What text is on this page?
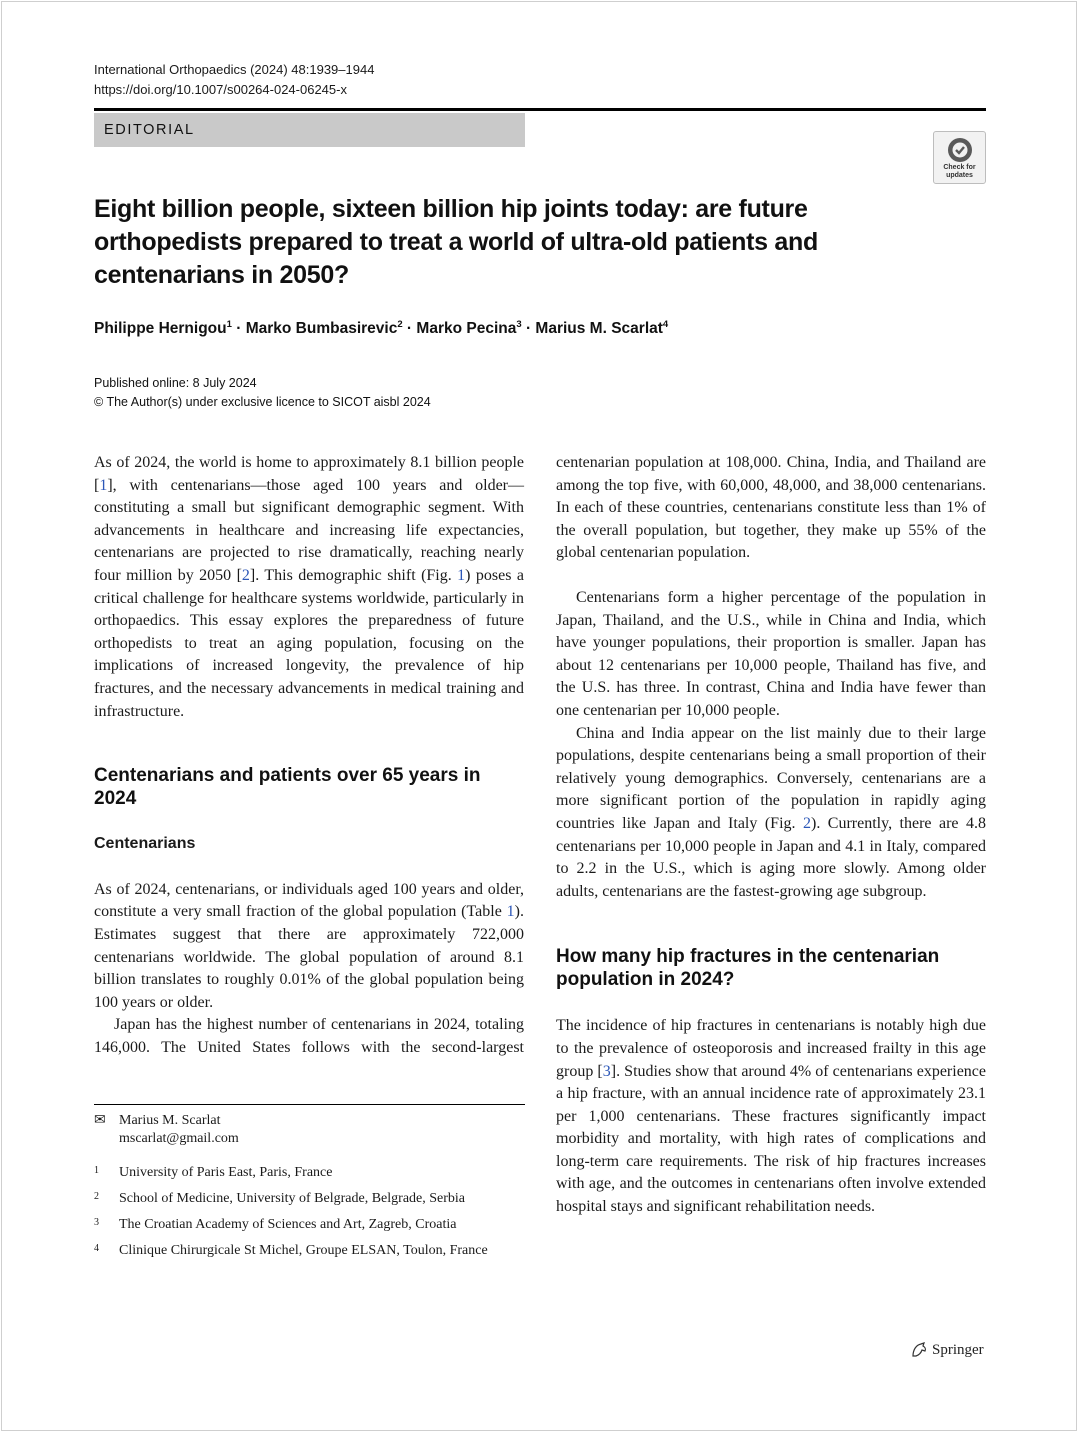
International Orthopaedics (2024) 48:1939–1944
https://doi.org/10.1007/s00264-024-06245-x
EDITORIAL
Check for
updates
Eight billion people, sixteen billion hip joints today: are future orthopedists prepared to treat a world of ultra-old patients and centenarians in 2050?
Philippe Hernigou$^1$ · Marko Bumbasirevic$^2$ · Marko Pecina$^3$ · Marius M. Scarlat$^4$
Published online: 8 July 2024
© The Author(s) under exclusive licence to SICOT aisbl 2024

As of 2024, the world is home to approximately 8.1 billion people [1], with centenarians—those aged 100 years and older—constituting a small but significant demographic segment. With advancements in healthcare and increasing life expectancies, centenarians are projected to rise dramatically, reaching nearly four million by 2050 [2]. This demographic shift (Fig. 1) poses a critical challenge for healthcare systems worldwide, particularly in orthopaedics. This essay explores the preparedness of future orthopedists to treat an aging population, focusing on the implications of increased longevity, the prevalence of hip fractures, and the necessary advancements in medical training and infrastructure.

Centenarians and patients over 65 years in 2024
Centenarians

As of 2024, centenarians, or individuals aged 100 years and older, constitute a very small fraction of the global population (Table 1). Estimates suggest that there are approximately 722,000 centenarians worldwide. The global population of around 8.1 billion translates to roughly 0.01% of the global population being 100 years or older.

Japan has the highest number of centenarians in 2024, totaling 146,000. The United States follows with the second-largest

centenarian population at 108,000. China, India, and Thailand are among the top five, with 60,000, 48,000, and 38,000 centenarians. In each of these countries, centenarians constitute less than 1% of the overall population, but together, they make up 55% of the global centenarian population.

Centenarians form a higher percentage of the population in Japan, Thailand, and the U.S., while in China and India, which have younger populations, their proportion is smaller. Japan has about 12 centenarians per 10,000 people, Thailand has five, and the U.S. has three. In contrast, China and India have fewer than one centenarian per 10,000 people.

China and India appear on the list mainly due to their large populations, despite centenarians being a small proportion of their relatively young demographics. Conversely, centenarians are a more significant portion of the population in rapidly aging countries like Japan and Italy (Fig. 2). Currently, there are 4.8 centenarians per 10,000 people in Japan and 4.1 in Italy, compared to 2.2 in the U.S., which is aging more slowly. Among older adults, centenarians are the fastest-growing age subgroup.

How many hip fractures in the centenarian population in 2024?

The incidence of hip fractures in centenarians is notably high due to the prevalence of osteoporosis and increased frailty in this age group [3]. Studies show that around 4% of centenarians experience a hip fracture, with an annual incidence rate of approximately 23.1 per 1,000 centenarians. These fractures significantly impact morbidity and mortality, with high rates of complications and long-term care requirements. The risk of hip fractures increases with age, and the outcomes in centenarians often involve extended hospital stays and significant rehabilitation needs.

✉ Marius M. Scarlat
mscarlat@gmail.com
1	University of Paris East, Paris, France
2	School of Medicine, University of Belgrade, Belgrade, Serbia
3	The Croatian Academy of Sciences and Art, Zagreb, Croatia
4	Clinique Chirurgicale St Michel, Groupe ELSAN, Toulon, France
Springer
